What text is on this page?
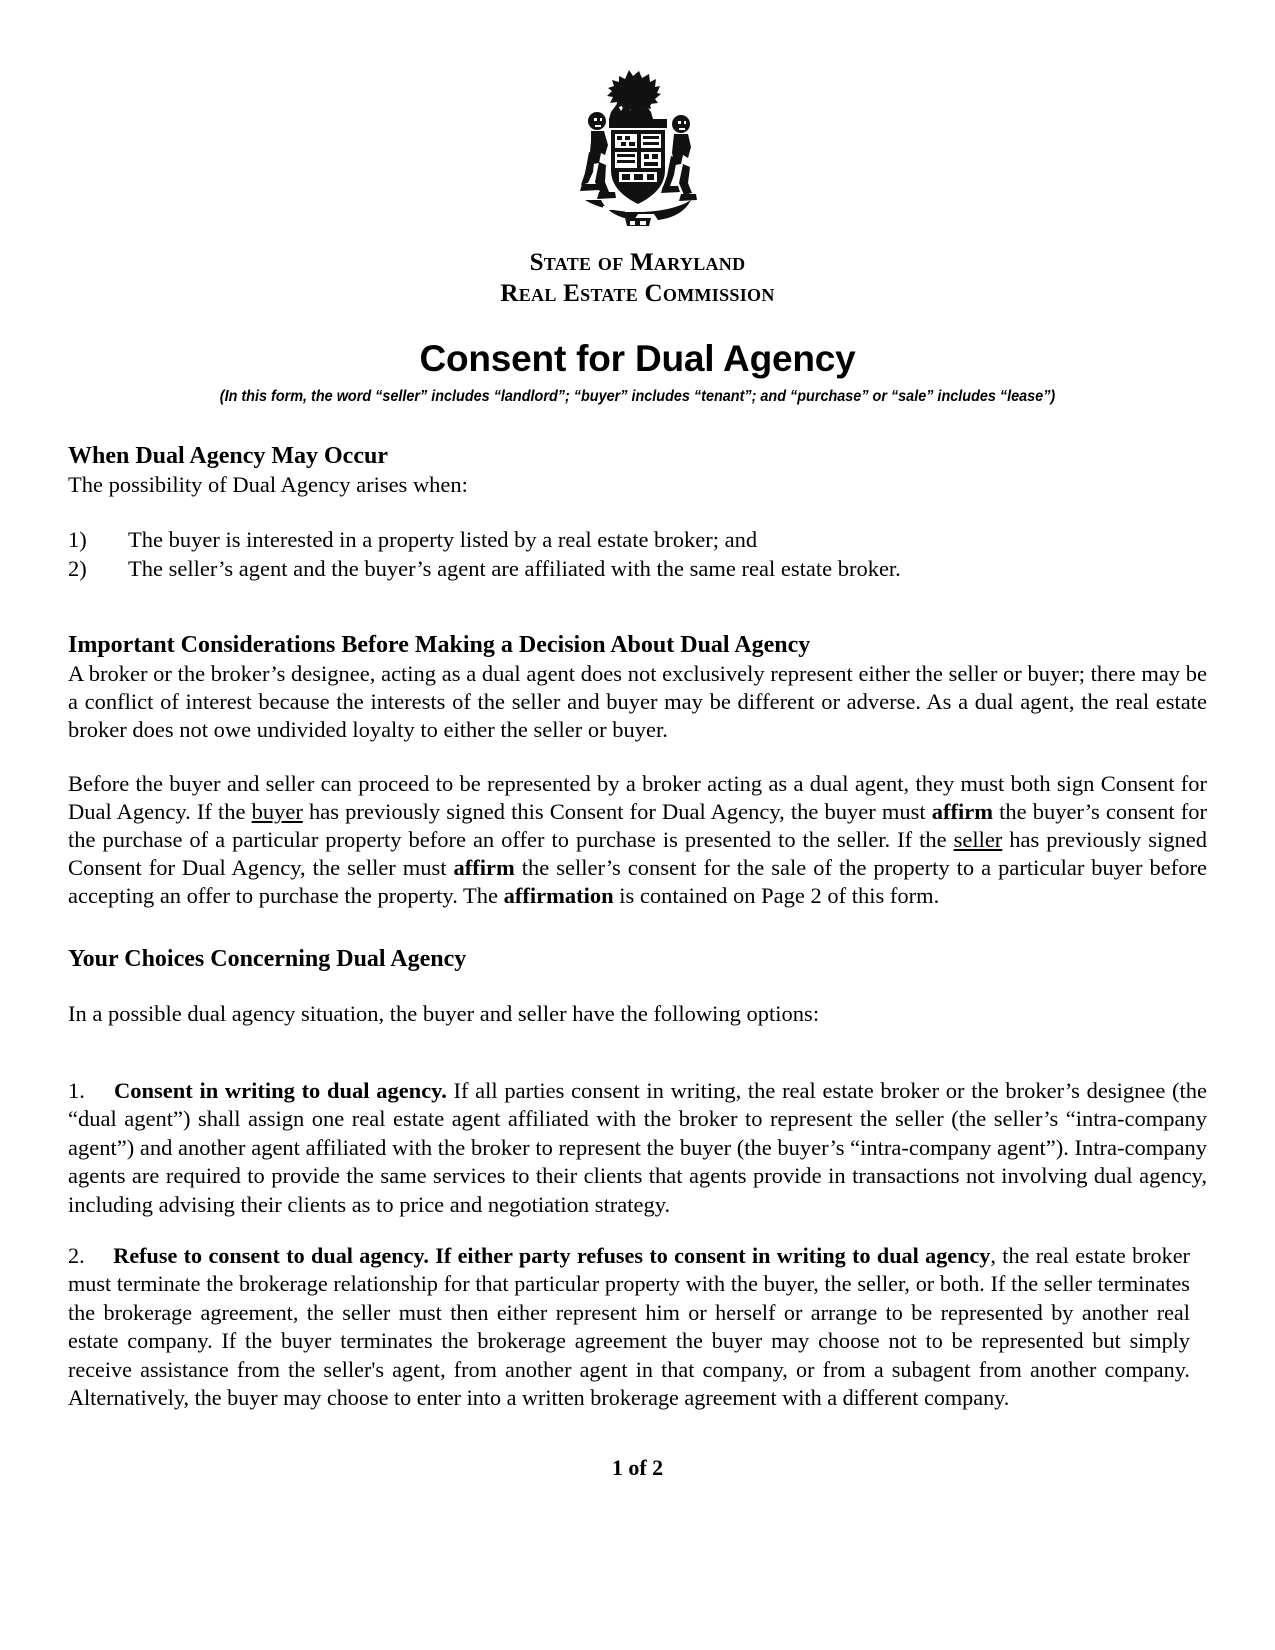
State of Maryland
Real Estate Commission
Consent for Dual Agency
(In this form, the word “seller” includes “landlord”; “buyer” includes “tenant”; and “purchase” or “sale” includes “lease”)
When Dual Agency May Occur

The possibility of Dual Agency arises when:

1)	The buyer is interested in a property listed by a real estate broker; and
2)	The seller’s agent and the buyer’s agent are affiliated with the same real estate broker.
Important Considerations Before Making a Decision About Dual Agency

A broker or the broker’s designee, acting as a dual agent does not exclusively represent either the seller or buyer; there may be a conflict of interest because the interests of the seller and buyer may be different or adverse. As a dual agent, the real estate broker does not owe undivided loyalty to either the seller or buyer.

Before the buyer and seller can proceed to be represented by a broker acting as a dual agent, they must both sign Consent for Dual Agency. If the buyer has previously signed this Consent for Dual Agency, the buyer must affirm the buyer’s consent for the purchase of a particular property before an offer to purchase is presented to the seller. If the seller has previously signed Consent for Dual Agency, the seller must affirm the seller’s consent for the sale of the property to a particular buyer before accepting an offer to purchase the property. The affirmation is contained on Page 2 of this form.

Your Choices Concerning Dual Agency

In a possible dual agency situation, the buyer and seller have the following options:

1. Consent in writing to dual agency. If all parties consent in writing, the real estate broker or the broker’s designee (the “dual agent”) shall assign one real estate agent affiliated with the broker to represent the seller (the seller’s “intra-company agent”) and another agent affiliated with the broker to represent the buyer (the buyer’s “intra-company agent”). Intra-company agents are required to provide the same services to their clients that agents provide in transactions not involving dual agency, including advising their clients as to price and negotiation strategy.

2. Refuse to consent to dual agency. If either party refuses to consent in writing to dual agency, the real estate broker must terminate the brokerage relationship for that particular property with the buyer, the seller, or both. If the seller terminates the brokerage agreement, the seller must then either represent him or herself or arrange to be represented by another real estate company. If the buyer terminates the brokerage agreement the buyer may choose not to be represented but simply receive assistance from the seller's agent, from another agent in that company, or from a subagent from another company. Alternatively, the buyer may choose to enter into a written brokerage agreement with a different company.

1 of 2
